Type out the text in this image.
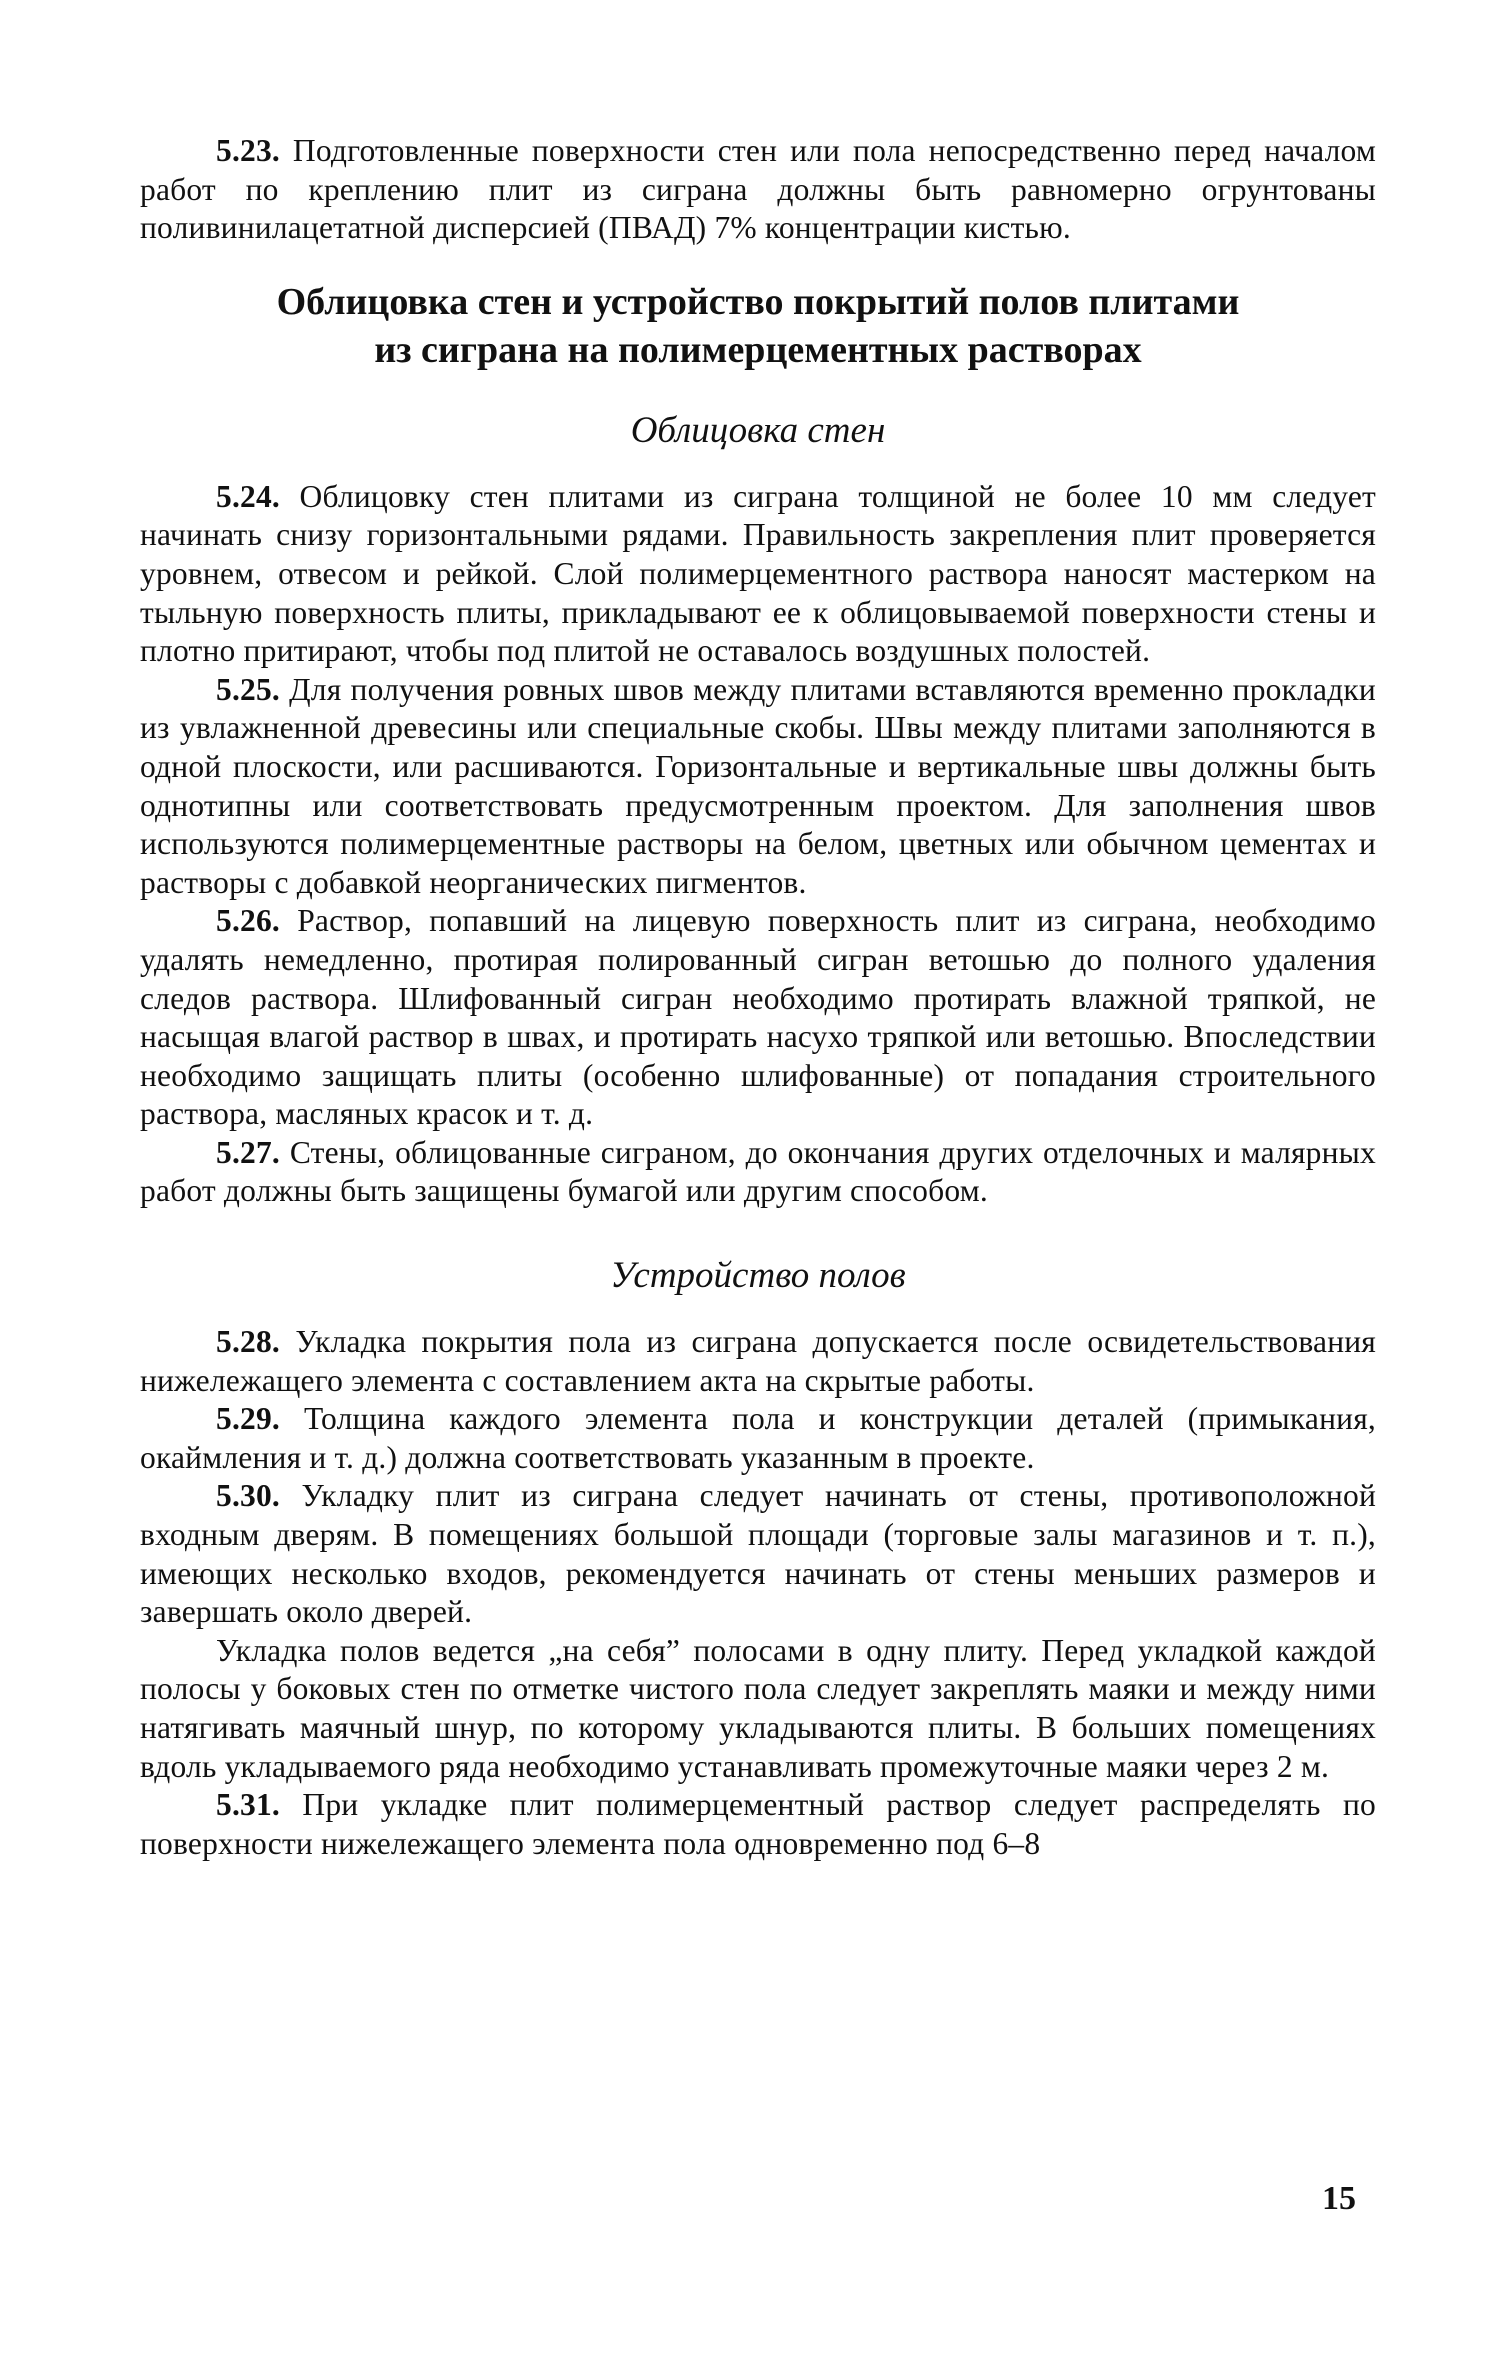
5.23. Подготовленные поверхности стен или пола непосредственно перед началом работ по креплению плит из сиграна должны быть равномерно огрунтованы поливинилацетатной дисперсией (ПВАД) 7% концентрации кистью.

Облицовка стен и устройство покрытий полов плитами
из сиграна на полимерцементных растворах
Облицовка стен

5.24. Облицовку стен плитами из сиграна толщиной не более 10 мм следует начинать снизу горизонтальными рядами. Правильность закрепления плит проверяется уровнем, отвесом и рейкой. Слой полимерцементного раствора наносят мастерком на тыльную поверхность плиты, прикладывают ее к облицовываемой поверхности стены и плотно притирают, чтобы под плитой не оставалось воздушных полостей.

5.25. Для получения ровных швов между плитами вставляются временно прокладки из увлажненной древесины или специальные скобы. Швы между плитами заполняются в одной плоскости, или расшиваются. Горизонтальные и вертикальные швы должны быть однотипны или соответствовать предусмотренным проектом. Для заполнения швов используются полимерцементные растворы на белом, цветных или обычном цементах и растворы с добавкой неорганических пигментов.

5.26. Раствор, попавший на лицевую поверхность плит из сиграна, необходимо удалять немедленно, протирая полированный сигран ветошью до полного удаления следов раствора. Шлифованный сигран необходимо протирать влажной тряпкой, не насыщая влагой раствор в швах, и протирать насухо тряпкой или ветошью. Впоследствии необходимо защищать плиты (особенно шлифованные) от попадания строительного раствора, масляных красок и т. д.

5.27. Стены, облицованные сиграном, до окончания других отделочных и малярных работ должны быть защищены бумагой или другим способом.

Устройство полов

5.28. Укладка покрытия пола из сиграна допускается после освидетельствования нижележащего элемента с составлением акта на скрытые работы.

5.29. Толщина каждого элемента пола и конструкции деталей (примыкания, окаймления и т. д.) должна соответствовать указанным в проекте.

5.30. Укладку плит из сиграна следует начинать от стены, противоположной входным дверям. В помещениях большой площади (торговые залы магазинов и т. п.), имеющих несколько входов, рекомендуется начинать от стены меньших размеров и завершать около дверей.

Укладка полов ведется „на себя” полосами в одну плиту. Перед укладкой каждой полосы у боковых стен по отметке чистого пола следует закреплять маяки и между ними натягивать маячный шнур, по которому укладываются плиты. В больших помещениях вдоль укладываемого ряда необходимо устанавливать промежуточные маяки через 2 м.

5.31. При укладке плит полимерцементный раствор следует распределять по поверхности нижележащего элемента пола одновременно под 6–8

15
